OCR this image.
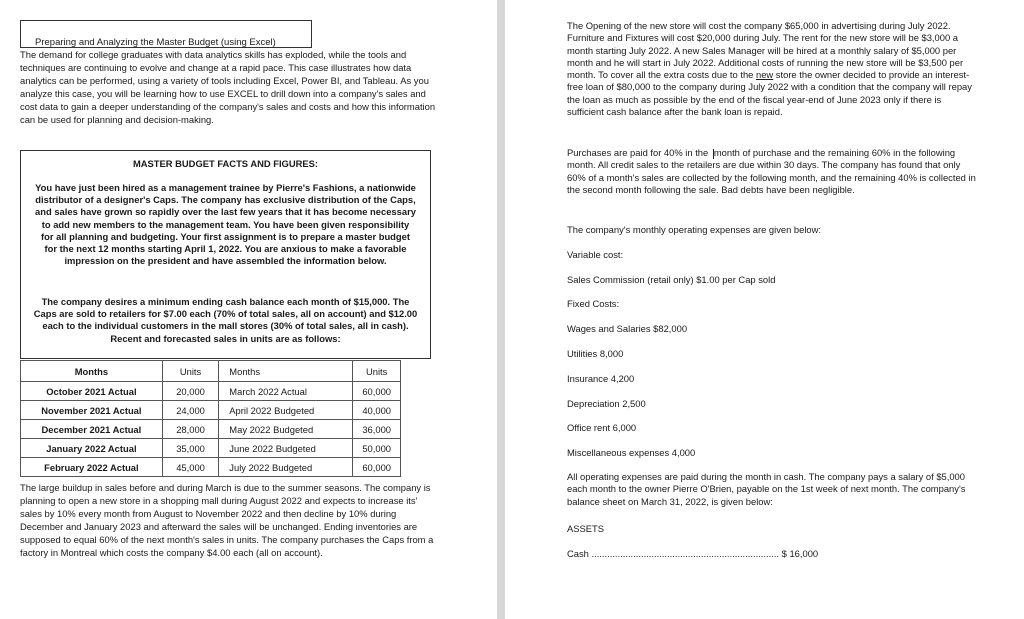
Preparing and Analyzing the Master Budget (using Excel)
The demand for college graduates with data analytics skills has exploded, while the tools and techniques are continuing to evolve and change at a rapid pace. This case illustrates how data analytics can be performed, using a variety of tools including Excel, Power BI, and Tableau. As you analyze this case, you will be learning how to use EXCEL to drill down into a company's sales and cost data to gain a deeper understanding of the company's sales and costs and how this information can be used for planning and decision-making.
MASTER BUDGET FACTS AND FIGURES:
You have just been hired as a management trainee by Pierre's Fashions, a nationwide distributor of a designer's Caps. The company has exclusive distribution of the Caps, and sales have grown so rapidly over the last few years that it has become necessary to add new members to the management team. You have been given responsibility for all planning and budgeting. Your first assignment is to prepare a master budget for the next 12 months starting April 1, 2022. You are anxious to make a favorable impression on the president and have assembled the information below.
The company desires a minimum ending cash balance each month of $15,000. The Caps are sold to retailers for $7.00 each (70% of total sales, all on account) and $12.00 each to the individual customers in the mall stores (30% of total sales, all in cash). Recent and forecasted sales in units are as follows:
Months	Units	Months	Units
October 2021 Actual	20,000	March 2022 Actual	60,000
November 2021 Actual	24,000	April 2022 Budgeted	40,000
December 2021 Actual	28,000	May 2022 Budgeted	36,000
January 2022 Actual	35,000	June 2022 Budgeted	50,000
February 2022 Actual	45,000	July 2022 Budgeted	60,000
The large buildup in sales before and during March is due to the summer seasons. The company is planning to open a new store in a shopping mall during August 2022 and expects to increase its' sales by 10% every month from August to November 2022 and then decline by 10% during December and January 2023 and afterward the sales will be unchanged. Ending inventories are supposed to equal 60% of the next month's sales in units. The company purchases the Caps from a factory in Montreal which costs the company $4.00 each (all on account).
The Opening of the new store will cost the company $65,000 in advertising during July 2022. Furniture and Fixtures will cost $20,000 during July. The rent for the new store will be $3,000 a month starting July 2022. A new Sales Manager will be hired at a monthly salary of $5,000 per month and he will start in July 2022. Additional costs of running the new store will be $3,500 per month. To cover all the extra costs due to the new store the owner decided to provide an interest-free loan of $80,000 to the company during July 2022 with a condition that the company will repay the loan as much as possible by the end of the fiscal year-end of June 2023 only if there is sufficient cash balance after the bank loan is repaid.
Purchases are paid for 40% in the month of purchase and the remaining 60% in the following month. All credit sales to the retailers are due within 30 days. The company has found that only 60% of a month's sales are collected by the following month, and the remaining 40% is collected in the second month following the sale. Bad debts have been negligible.
The company's monthly operating expenses are given below:
Variable cost:
Sales Commission (retail only) $1.00 per Cap sold
Fixed Costs:
Wages and Salaries $82,000
Utilities 8,000
Insurance 4,200
Depreciation 2,500
Office rent 6,000
Miscellaneous expenses 4,000
All operating expenses are paid during the month in cash. The company pays a salary of $5,000 each month to the owner Pierre O'Brien, payable on the 1st week of next month. The company's balance sheet on March 31, 2022, is given below:
ASSETS
Cash ........................................................................ $ 16,000
